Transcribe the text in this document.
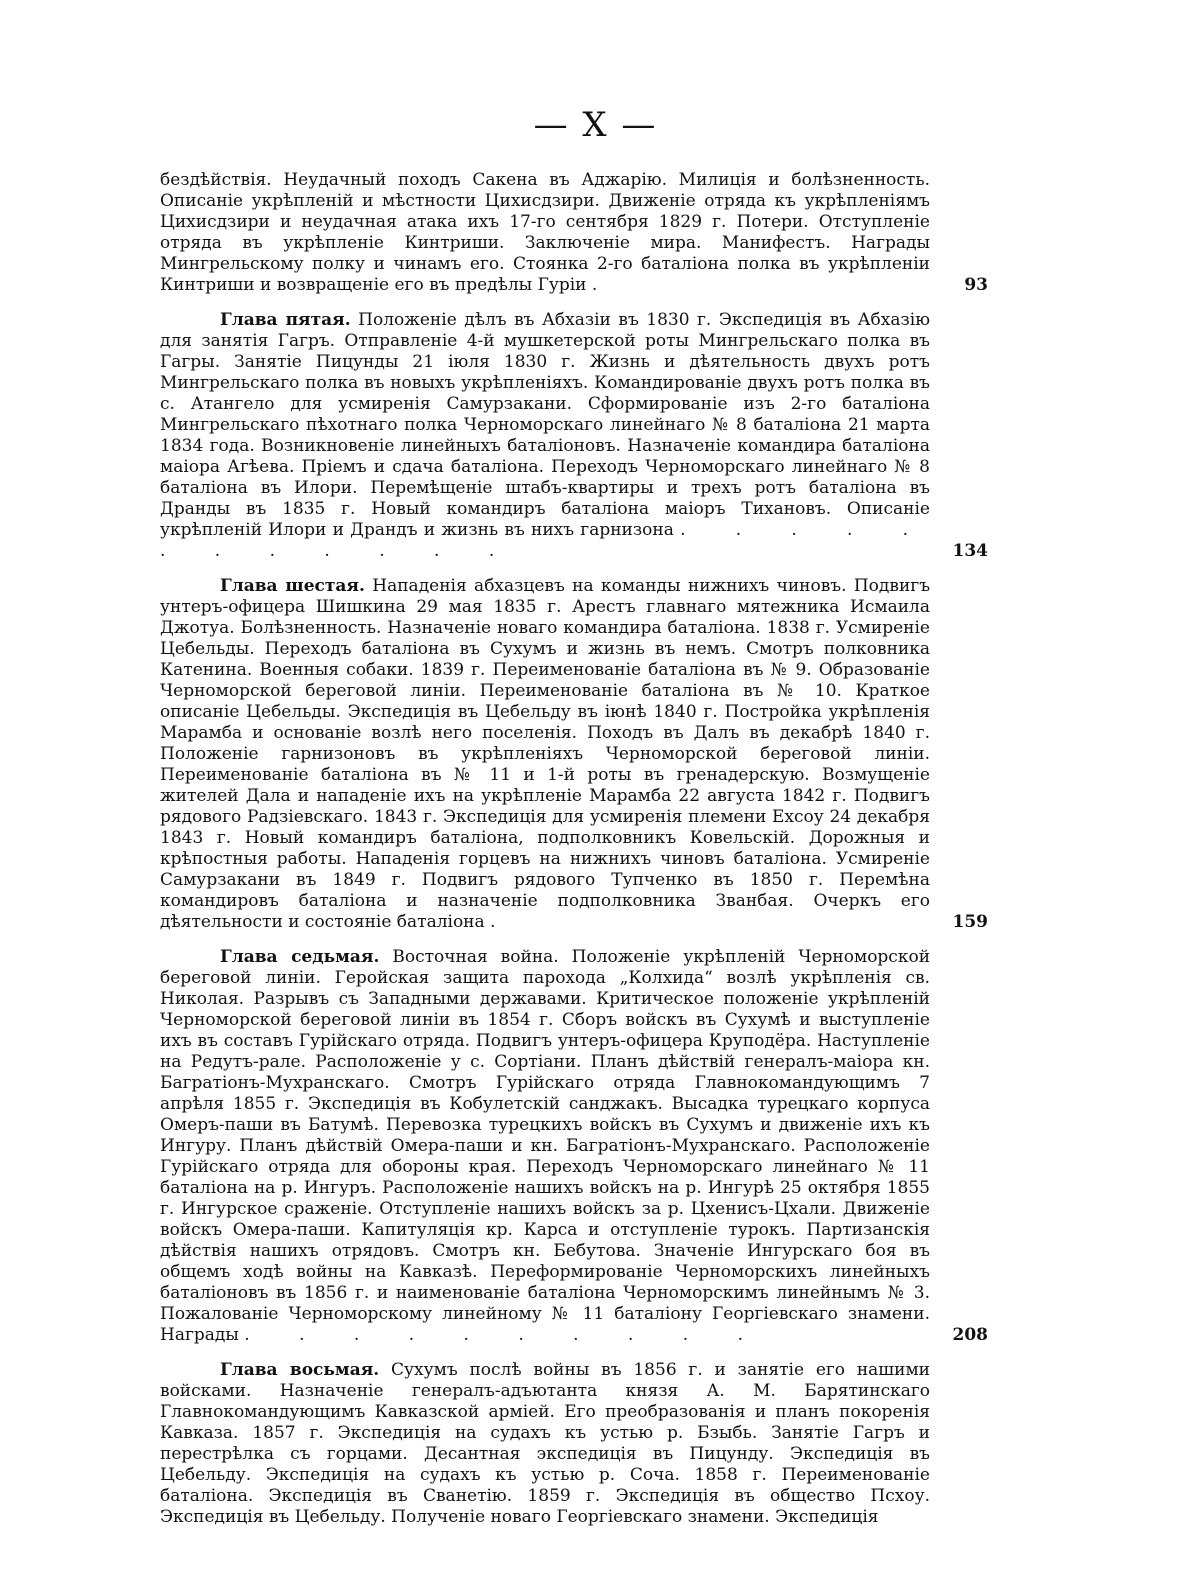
— X —

бездѣйствія. Неудачный походъ Сакена въ Аджарію. Милиція и болѣзненность. Описаніе укрѣпленій и мѣстности Цихисдзири. Движеніе отряда къ укрѣпленіямъ Цихисдзири и неудачная атака ихъ 17-го сентября 1829 г. Потери. Отступленіе отряда въ укрѣпленіе Кинтриши. Заключеніе мира. Манифестъ. Награды Мингрельскому полку и чинамъ его. Стоянка 2-го баталіона полка въ укрѣпленіи Кинтриши и возвращеніе его въ предѣлы Гуріи .	93

Глава пятая. Положеніе дѣлъ въ Абхазіи въ 1830 г. Экспедиція въ Абхазію для занятія Гагръ. Отправленіе 4-й мушкетерской роты Мингрельскаго полка въ Гагры. Занятіе Пицунды 21 іюля 1830 г. Жизнь и дѣятельность двухъ ротъ Мингрельскаго полка въ новыхъ укрѣпленіяхъ. Командированіе двухъ ротъ полка въ с. Атангело для усмиренія Самурзакани. Сформированіе изъ 2-го баталіона Мингрельскаго пѣхотнаго полка Черноморскаго линейнаго № 8 баталіона 21 марта 1834 года. Возникновеніе линейныхъ баталіоновъ. Назначеніе командира баталіона маіора Агѣева. Пріемъ и сдача баталіона. Переходъ Черноморскаго линейнаго № 8 баталіона въ Илори. Перемѣщеніе штабъ-квартиры и трехъ ротъ баталіона въ Дранды въ 1835 г. Новый командиръ баталіона маіоръ Тихановъ. Описаніе укрѣпленій Илори и Драндъ и жизнь въ нихъ гарнизона . . . . . . . . . . . .	134

Глава шестая. Нападенія абхазцевъ на команды нижнихъ чиновъ. Подвигъ унтеръ-офицера Шишкина 29 мая 1835 г. Арестъ главнаго мятежника Исмаила Джотуа. Болѣзненность. Назначеніе новаго командира баталіона. 1838 г. Усмиреніе Цебельды. Переходъ баталіона въ Сухумъ и жизнь въ немъ. Смотръ полковника Катенина. Военныя собаки. 1839 г. Переименованіе баталіона въ № 9. Образованіе Черноморской береговой линіи. Переименованіе баталіона въ № 10. Краткое описаніе Цебельды. Экспедиція въ Цебельду въ іюнѣ 1840 г. Постройка укрѣпленія Марамба и основаніе возлѣ него поселенія. Походъ въ Далъ въ декабрѣ 1840 г. Положеніе гарнизоновъ въ укрѣпленіяхъ Черноморской береговой линіи. Переименованіе баталіона въ № 11 и 1-й роты въ гренадерскую. Возмущеніе жителей Дала и нападеніе ихъ на укрѣпленіе Марамба 22 августа 1842 г. Подвигъ рядового Радзіевскаго. 1843 г. Экспедиція для усмиренія племени Ехсоу 24 декабря 1843 г. Новый командиръ баталіона, подполковникъ Ковельскій. Дорожныя и крѣпостныя работы. Нападенія горцевъ на нижнихъ чиновъ баталіона. Усмиреніе Самурзакани въ 1849 г. Подвигъ рядового Тупченко въ 1850 г. Перемѣна командировъ баталіона и назначеніе подполковника Званбая. Очеркъ его дѣятельности и состояніе баталіона .	159

Глава седьмая. Восточная война. Положеніе укрѣпленій Черноморской береговой линіи. Геройская защита парохода „Колхида“ возлѣ укрѣпленія св. Николая. Разрывъ съ Западными державами. Критическое положеніе укрѣпленій Черноморской береговой линіи въ 1854 г. Сборъ войскъ въ Сухумѣ и выступленіе ихъ въ составъ Гурійскаго отряда. Подвигъ унтеръ-офицера Круподёра. Наступленіе на Редутъ-рале. Расположеніе у с. Сортіани. Планъ дѣйствій генералъ-маіора кн. Багратіонъ-Мухранскаго. Смотръ Гурійскаго отряда Главнокомандующимъ 7 апрѣля 1855 г. Экспедиція въ Кобулетскій санджакъ. Высадка турецкаго корпуса Омеръ-паши въ Батумѣ. Перевозка турецкихъ войскъ въ Сухумъ и движеніе ихъ къ Ингуру. Планъ дѣйствій Омера-паши и кн. Багратіонъ-Мухранскаго. Расположеніе Гурійскаго отряда для обороны края. Переходъ Черноморскаго линейнаго № 11 баталіона на р. Ингуръ. Расположеніе нашихъ войскъ на р. Ингурѣ 25 октября 1855 г. Ингурское сраженіе. Отступленіе нашихъ войскъ за р. Цхенисъ-Цхали. Движеніе войскъ Омера-паши. Капитуляція кр. Карса и отступленіе турокъ. Партизанскія дѣйствія нашихъ отрядовъ. Смотръ кн. Бебутова. Значеніе Ингурскаго боя въ общемъ ходѣ войны на Кавказѣ. Переформированіе Черноморскихъ линейныхъ баталіоновъ въ 1856 г. и наименованіе баталіона Черноморскимъ линейнымъ № 3. Пожалованіе Черноморскому линейному № 11 баталіону Георгіевскаго знамени. Награды . . . . . . . . . .	208

Глава восьмая. Сухумъ послѣ войны въ 1856 г. и занятіе его нашими войсками. Назначеніе генералъ-адъютанта князя А. М. Барятинскаго Главнокомандующимъ Кавказской арміей. Его преобразованія и планъ покоренія Кавказа. 1857 г. Экспедиція на судахъ къ устью р. Бзыбь. Занятіе Гагръ и перестрѣлка съ горцами. Десантная экспедиція въ Пицунду. Экспедиція въ Цебельду. Экспедиція на судахъ къ устью р. Соча. 1858 г. Переименованіе баталіона. Экспедиція въ Сванетію. 1859 г. Экспедиція въ общество Псхоу. Экспедиція въ Цебельду. Полученіе новаго Георгіевскаго знамени. Экспедиція
